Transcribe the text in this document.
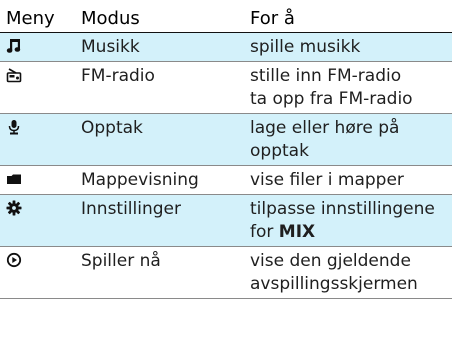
Meny	Modus	For å

	Musikk	spille musikk

	FM-radio	stille inn FM-radio
ta opp fra FM-radio

	Opptak	lage eller høre på
opptak

	Mappevisning	vise filer i mapper

	Innstillinger	tilpasse innstillingene
for MIX

	Spiller nå	vise den gjeldende
avspillingsskjermen
